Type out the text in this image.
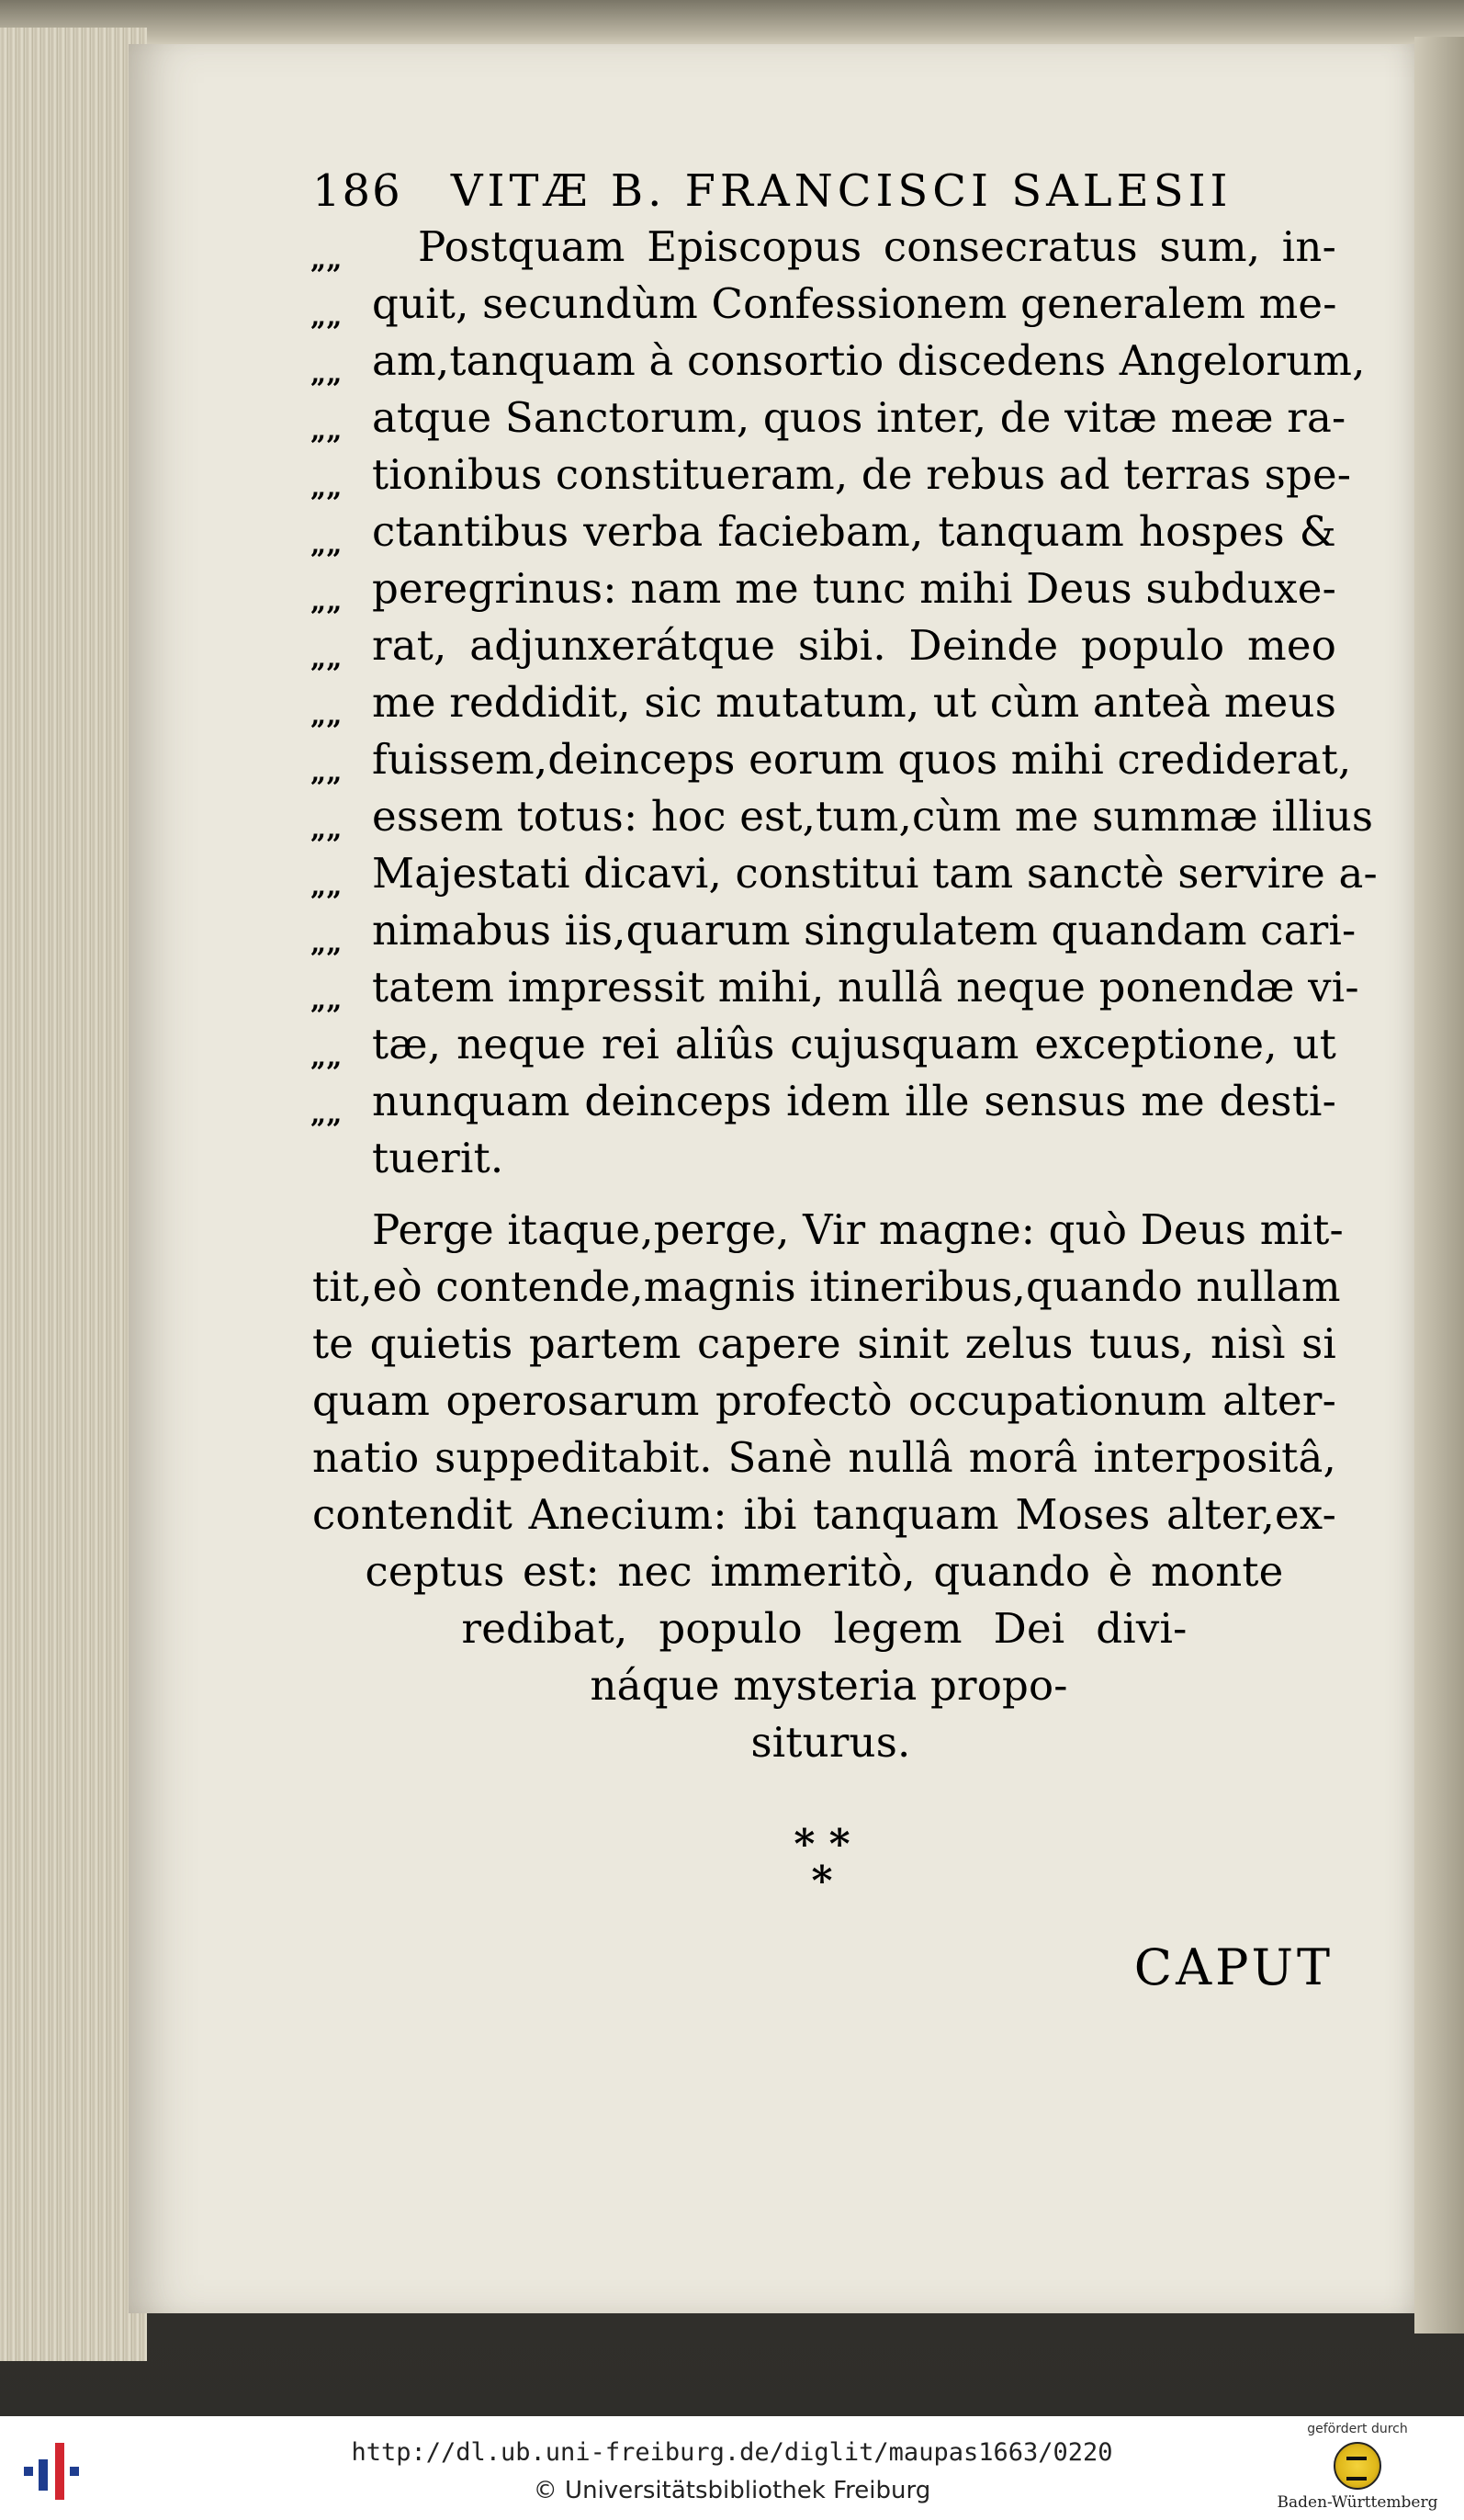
186 VITÆ B. FRANCISCI SALESII
„„
„„
„„
„„
„„
„„
„„
„„
„„
„„
„„
„„
„„
„„
„„
„„
Postquam Episcopus consecratus sum, in-
quit, secundùm Confessionem generalem me-
am,tanquam à consortio discedens Angelorum,
atque Sanctorum, quos inter, de vitæ meæ ra-
tionibus constitueram, de rebus ad terras spe-
ctantibus verba faciebam, tanquam hospes &
peregrinus: nam me tunc mihi Deus subduxe-
rat, adjunxerátque sibi. Deinde populo meo
me reddidit, sic mutatum, ut cùm anteà meus
fuissem,deinceps eorum quos mihi crediderat,
essem totus: hoc est,tum,cùm me summæ illius
Majestati dicavi, constitui tam sanctè servire a-
nimabus iis,quarum singulatem quandam cari-
tatem impressit mihi, nullâ neque ponendæ vi-
tæ, neque rei aliûs cujusquam exceptione, ut
nunquam deinceps idem ille sensus me desti-
tuerit.
Perge itaque,perge, Vir magne: quò Deus mit-
tit,eò contende,magnis itineribus,quando nullam
te quietis partem capere sinit zelus tuus, nisì si
quam operosarum profectò occupationum alter-
natio suppeditabit. Sanè nullâ morâ interpositâ,
contendit Anecium: ibi tanquam Moses alter,ex-
ceptus est: nec immeritò, quando è monte
redibat, populo legem Dei divi-
náque mysteria propo-
siturus.
* *
*
CAPUT
http://dl.ub.uni-freiburg.de/diglit/maupas1663/0220
© Universitätsbibliothek Freiburg
gefördert durch
Baden-Württemberg
